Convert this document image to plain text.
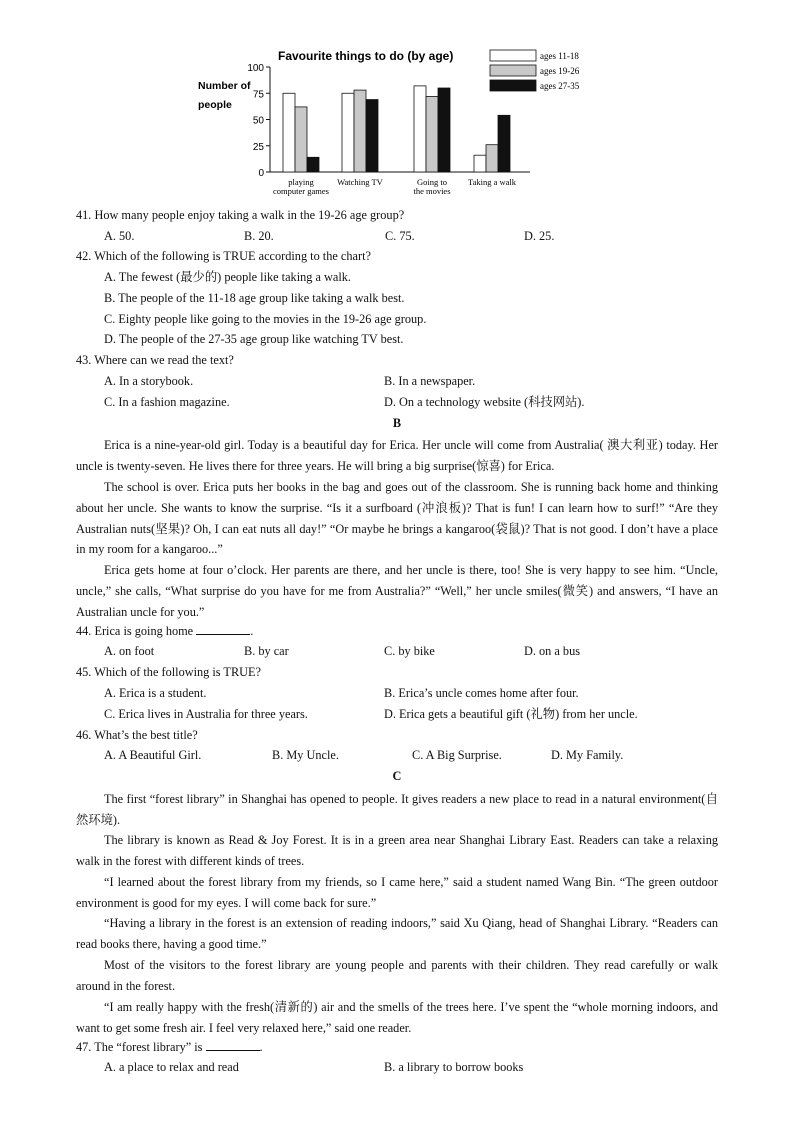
Favourite things to do (by age)
Number of
people
0
25
50
75
100
playing
computer games
Watching TV	Going to
the movies
Taking a walk
ages 11-18
ages 19-26
ages 27-35
41. How many people enjoy taking a walk in the 19-26 age group?
A. 50.	B. 20.	C. 75.	D. 25.
42. Which of the following is TRUE according to the chart?
A. The fewest (最少的) people like taking a walk.
B. The people of the 11-18 age group like taking a walk best.
C. Eighty people like going to the movies in the 19-26 age group.
D. The people of the 27-35 age group like watching TV best.
43. Where can we read the text?
A. In a storybook.	B. In a newspaper.
C. In a fashion magazine.	D. On a technology website (科技网站).
B
Erica is a nine-year-old girl. Today is a beautiful day for Erica. Her uncle will come from Australia( 澳大利亚) today. Her uncle is twenty-seven. He lives there for three years. He will bring a big surprise(惊喜) for Erica.
The school is over. Erica puts her books in the bag and goes out of the classroom. She is running back home and thinking about her uncle. She wants to know the surprise. “Is it a surfboard (冲浪板)? That is fun! I can learn how to surf!” “Are they Australian nuts(坚果)? Oh, I can eat nuts all day!” “Or maybe he brings a kangaroo(袋鼠)? That is not good. I don’t have a place in my room for a kangaroo...”
Erica gets home at four o’clock. Her parents are there, and her uncle is there, too! She is very happy to see him. “Uncle, uncle,” she calls, “What surprise do you have for me from Australia?” “Well,” her uncle smiles(微笑) and answers, “I have an Australian uncle for you.”
44. Erica is going home	.
A. on foot	B. by car	C. by bike	D. on a bus
45. Which of the following is TRUE?
A. Erica is a student.	B. Erica’s uncle comes home after four.
C. Erica lives in Australia for three years.	D. Erica gets a beautiful gift (礼物) from her uncle.
46. What’s the best title?
A. A Beautiful Girl.	B. My Uncle.	C. A Big Surprise.	D. My Family.
C
The first “forest library” in Shanghai has opened to people. It gives readers a new place to read in a natural environment(自然环境).
The library is known as Read & Joy Forest. It is in a green area near Shanghai Library East. Readers can take a relaxing walk in the forest with different kinds of trees.
“I learned about the forest library from my friends, so I came here,” said a student named Wang Bin. “The green outdoor environment is good for my eyes. I will come back for sure.”
“Having a library in the forest is an extension of reading indoors,” said Xu Qiang, head of Shanghai Library. “Readers can read books there, having a good time.”
Most of the visitors to the forest library are young people and parents with their children. They read carefully or walk around in the forest.
“I am really happy with the fresh(清新的) air and the smells of the trees here. I’ve spent the “whole morning indoors, and want to get some fresh air. I feel very relaxed here,” said one reader.
47. The “forest library” is	.
A. a place to relax and read	B. a library to borrow books
